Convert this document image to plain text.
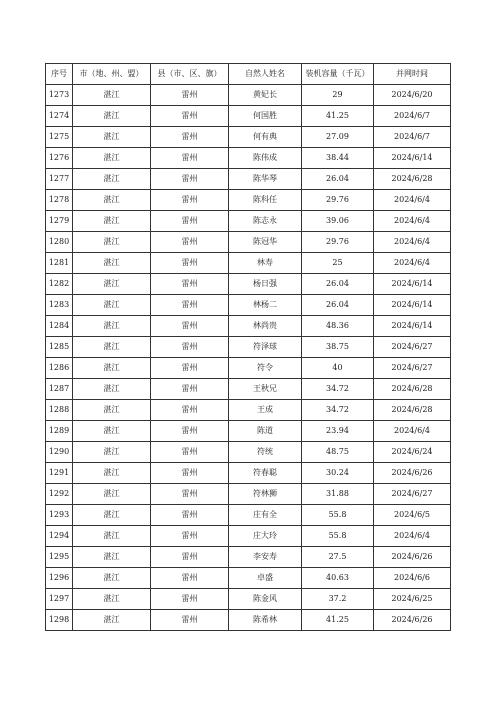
序号	市（地、州、盟）	县（市、区、旗）	自然人姓名	装机容量（千瓦）	并网时间
1273	湛江	雷州	黄妃长	29	2024/6/20
1274	湛江	雷州	何国胜	41.25	2024/6/7
1275	湛江	雷州	何有典	27.09	2024/6/7
1276	湛江	雷州	陈伟成	38.44	2024/6/14
1277	湛江	雷州	陈华琴	26.04	2024/6/28
1278	湛江	雷州	陈科任	29.76	2024/6/4
1279	湛江	雷州	陈志永	39.06	2024/6/4
1280	湛江	雷州	陈冠华	29.76	2024/6/4
1281	湛江	雷州	林寿	25	2024/6/4
1282	湛江	雷州	杨日强	26.04	2024/6/14
1283	湛江	雷州	林杨二	26.04	2024/6/14
1284	湛江	雷州	林尚贵	48.36	2024/6/14
1285	湛江	雷州	符泽球	38.75	2024/6/27
1286	湛江	雷州	符令	40	2024/6/27
1287	湛江	雷州	王秋兄	34.72	2024/6/28
1288	湛江	雷州	王成	34.72	2024/6/28
1289	湛江	雷州	陈道	23.94	2024/6/4
1290	湛江	雷州	符统	48.75	2024/6/24
1291	湛江	雷州	符春聪	30.24	2024/6/26
1292	湛江	雷州	符林狮	31.88	2024/6/27
1293	湛江	雷州	庄有全	55.8	2024/6/5
1294	湛江	雷州	庄大玲	55.8	2024/6/4
1295	湛江	雷州	李安寿	27.5	2024/6/26
1296	湛江	雷州	卓盛	40.63	2024/6/6
1297	湛江	雷州	陈金风	37.2	2024/6/25
1298	湛江	雷州	陈希林	41.25	2024/6/26
